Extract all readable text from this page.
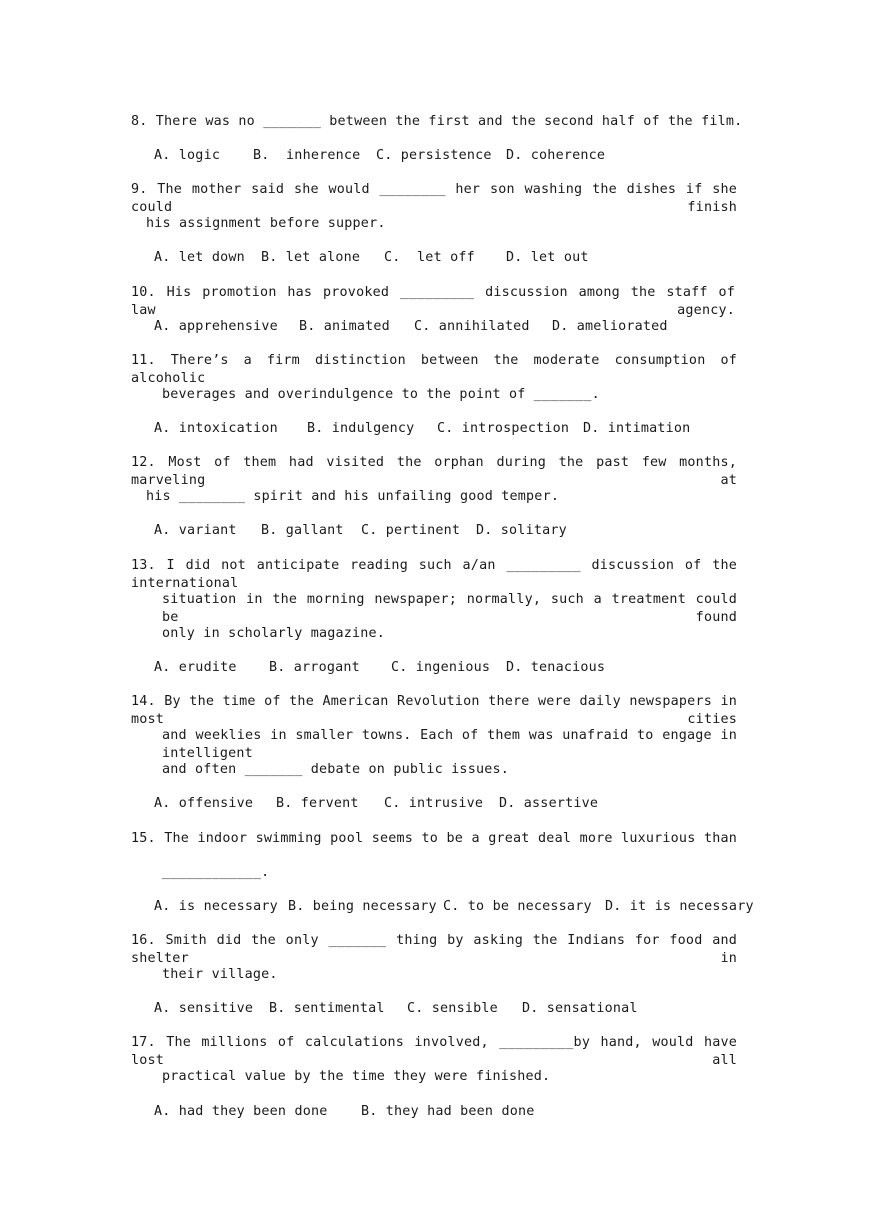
8. There was no _______ between the first and the second half of the film.
A. logic B.  inherence C. persistence D. coherence
9. The mother said she would ________ her son washing the dishes if she could finish
his assignment before supper.
A. let down B. let alone C.  let off D. let out
10. His promotion has provoked _________ discussion among the staff of law agency.
A. apprehensive B. animated C. annihilated D. ameliorated
11. There’s a firm distinction between the moderate consumption of alcoholic
beverages and overindulgence to the point of _______.
A. intoxication B. indulgency C. introspection D. intimation
12. Most of them had visited the orphan during the past few months, marveling at
his ________ spirit and his unfailing good temper.
A. variant B. gallant C. pertinent D. solitary
13. I did not anticipate reading such a/an _________ discussion of the international
situation in the morning newspaper; normally, such a treatment could be found
only in scholarly magazine.
A. erudite B. arrogant C. ingenious D. tenacious
14. By the time of the American Revolution there were daily newspapers in most cities
and weeklies in smaller towns. Each of them was unafraid to engage in intelligent
and often _______ debate on public issues.
A. offensive B. fervent C. intrusive D. assertive
15. The indoor swimming pool seems to be a great deal more luxurious than
____________.
A. is necessary B. being necessary C. to be necessary D. it is necessary
16. Smith did the only _______ thing by asking the Indians for food and shelter in
their village.
A. sensitive B. sentimental C. sensible D. sensational
17. The millions of calculations involved, _________by hand, would have lost all
practical value by the time they were finished.
A. had they been done	B. they had been done
